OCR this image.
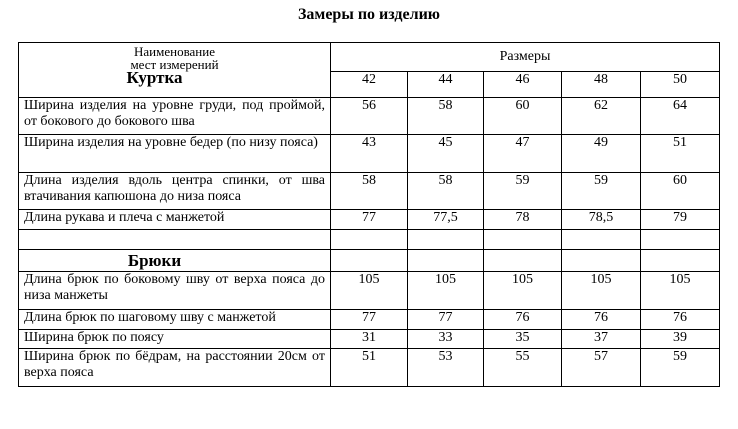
Замеры по изделию
Наименование
мест измерений
Куртка	Размеры				
	42	44	46	48	50
Ширина изделия на уровне груди, под проймой, от бокового до бокового шва	56	58	60	62	64
Ширина изделия на уровне бедер (по низу пояса)	43	45	47	49	51
Длина изделия вдоль центра спинки, от шва втачивания капюшона до низа пояса	58	58	59	59	60
Длина рукава и плеча с манжетой	77	77,5	78	78,5	79

Брюки					

Длина брюк по боковому шву от верха пояса до низа манжеты	105	105	105	105	105
Длина брюк по шаговому шву с манжетой	77	77	76	76	76
Ширина брюк по поясу	31	33	35	37	39
Ширина брюк по бёдрам, на расстоянии 20см от верха пояса	51	53	55	57	59
